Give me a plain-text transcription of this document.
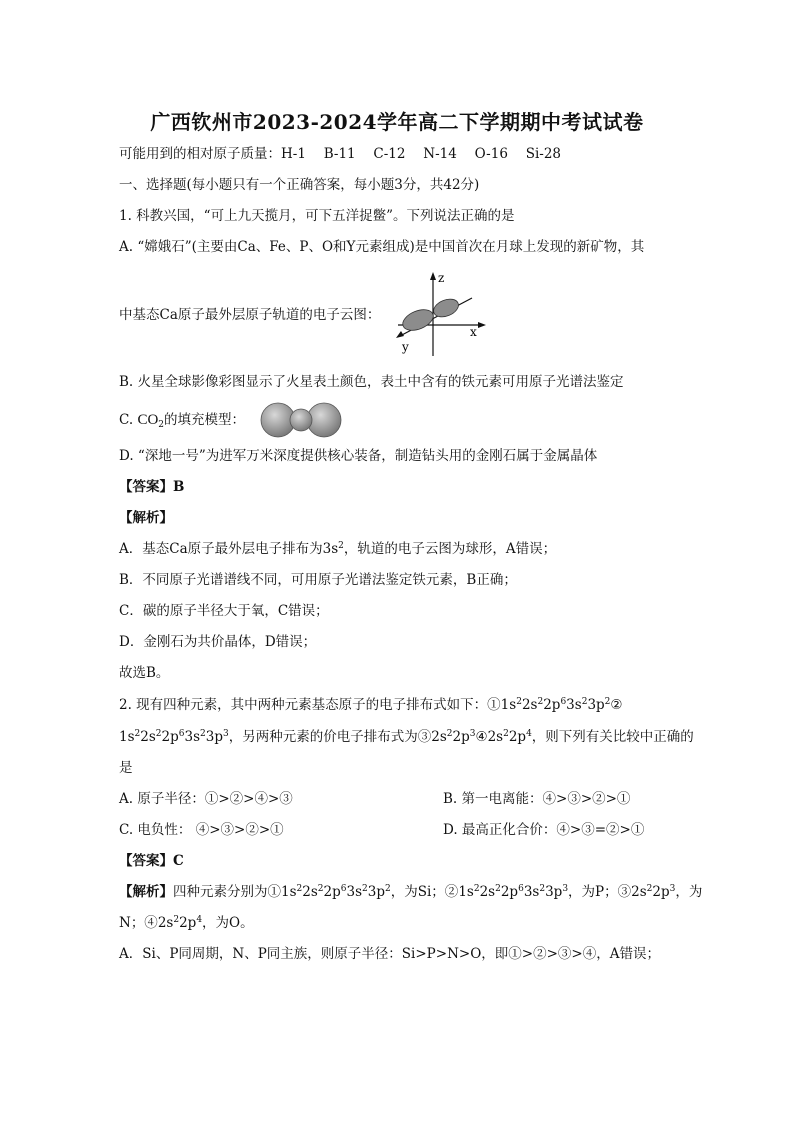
广西钦州市2023-2024学年高二下学期期中考试试卷
可能用到的相对原子质量：H-1　 B-11　 C-12　 N-14　 O-16　 Si-28
一、选择题(每小题只有一个正确答案，每小题3分，共42分)
1. 科教兴国，“可上九天揽月，可下五洋捉鳖”。下列说法正确的是
A. “嫦娥石”(主要由Ca、Fe、P、O和Y元素组成)是中国首次在月球上发现的新矿物，其
中基态Ca原子最外层原子轨道的电子云图：
z
x
y
B. 火星全球影像彩图显示了火星表土颜色，表土中含有的铁元素可用原子光谱法鉴定
C. $CO_2$的填充模型：
D. “深地一号”为进军万米深度提供核心装备，制造钻头用的金刚石属于金属晶体
【答案】B
【解析】
A．基态Ca原子最外层电子排布为$3s^2$，轨道的电子云图为球形，A错误；
B．不同原子光谱谱线不同，可用原子光谱法鉴定铁元素，B正确；
C．碳的原子半径大于氧，C错误；
D．金刚石为共价晶体，D错误；
故选B。
2. 现有四种元素，其中两种元素基态原子的电子排布式如下：$①1s^22s^22p^63s^23p^2②$
$1s^22s^22p^63s^23p^3$，另两种元素的价电子排布式为$③2s^22p^3④2s^22p^4$，则下列有关比较中正确的
是
A. 原子半径：①>②>④>③	B. 第一电离能：④>③>②>①
C. 电负性： ④>③>②>①	D. 最高正化合价：④>③=②>①
【答案】C
【解析】四种元素分别为$①1s^22s^22p^63s^23p^2$，为Si；$②1s^22s^22p^63s^23p^3$，为P；$③2s^22p^3$，为
N；$④2s^22p^4$，为O。
A．Si、P同周期，N、P同主族，则原子半径：Si>P>N>O，即①>②>③>④，A错误；
